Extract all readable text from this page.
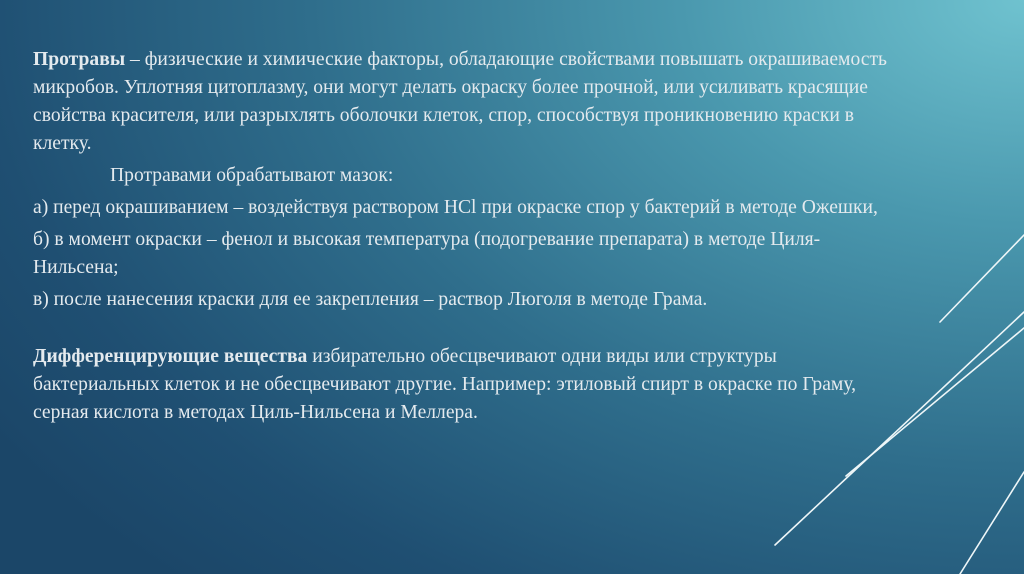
Протравы – физические и химические факторы, обладающие свойствами повышать окрашиваемость микробов. Уплотняя цитоплазму, они могут делать окраску более прочной, или усиливать красящие свойства красителя, или разрыхлять оболочки клеток, спор, способствуя проникновению краски в клетку.

Протравами обрабатывают мазок:

а) перед окрашиванием – воздействуя раствором HCl при окраске спор у бактерий в методе Ожешки,

б) в момент окраски – фенол и высокая температура (подогревание препарата) в методе Циля-Нильсена;

в) после нанесения краски для ее закрепления – раствор Люголя в методе Грама.

Дифференцирующие вещества избирательно обесцвечивают одни виды или структуры бактериальных клеток и не обесцвечивают другие. Например: этиловый спирт в окраске по Граму, серная кислота в методах Циль-Нильсена и Меллера.
